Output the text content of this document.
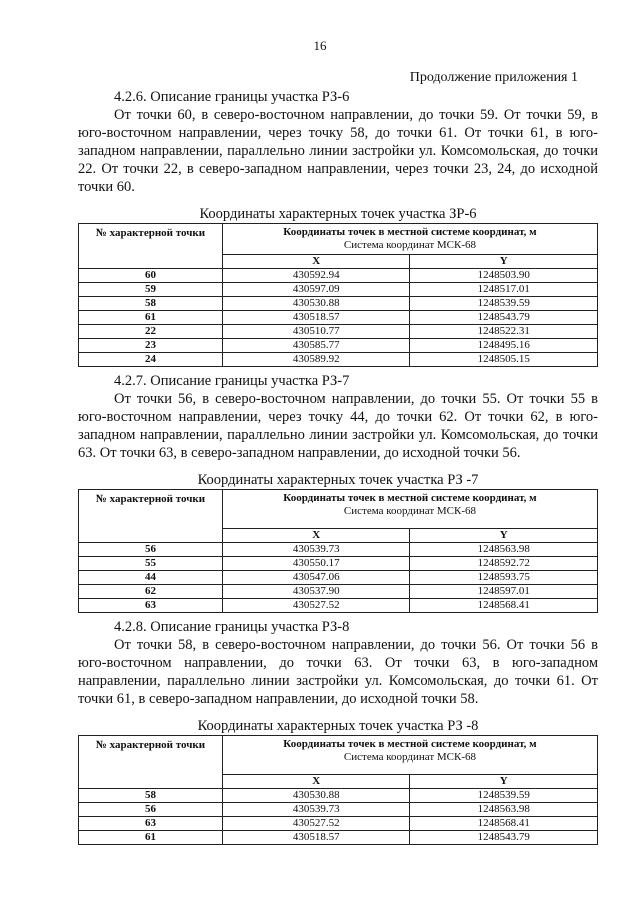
16
Продолжение приложения 1

4.2.6. Описание границы участка РЗ-6

От точки 60, в северо-восточном направлении, до точки 59. От точки 59, в юго-восточном направлении, через точку 58, до точки 61. От точки 61, в юго-западном направлении, параллельно линии застройки ул. Комсомольская, до точки 22. От точки 22, в северо-западном направлении, через точки 23, 24, до исходной точки 60.

Координаты характерных точек участка ЗР-6
№ характерной точки	Координаты точек в местной системе координат, м
Система координат МСК-68	
	X	Y
60	430592.94	1248503.90
59	430597.09	1248517.01
58	430530.88	1248539.59
61	430518.57	1248543.79
22	430510.77	1248522.31
23	430585.77	1248495.16
24	430589.92	1248505.15

4.2.7. Описание границы участка РЗ-7

От точки 56, в северо-восточном направлении, до точки 55. От точки 55 в юго-восточном направлении, через точку 44, до точки 62. От точки 62, в юго-западном направлении, параллельно линии застройки ул. Комсомольская, до точки 63. От точки 63, в северо-западном направлении, до исходной точки 56.

Координаты характерных точек участка РЗ -7
№ характерной точки	Координаты точек в местной системе координат, м
Система координат МСК-68	
	X	Y
56	430539.73	1248563.98
55	430550.17	1248592.72
44	430547.06	1248593.75
62	430537.90	1248597.01
63	430527.52	1248568.41

4.2.8. Описание границы участка РЗ-8

От точки 58, в северо-восточном направлении, до точки 56. От точки 56 в юго-восточном направлении, до точки 63. От точки 63, в юго-западном направлении, параллельно линии застройки ул. Комсомольская, до точки 61. От точки 61, в северо-западном направлении, до исходной точки 58.

Координаты характерных точек участка РЗ -8
№ характерной точки	Координаты точек в местной системе координат, м
Система координат МСК-68	
	X	Y
58	430530.88	1248539.59
56	430539.73	1248563.98
63	430527.52	1248568.41
61	430518.57	1248543.79
